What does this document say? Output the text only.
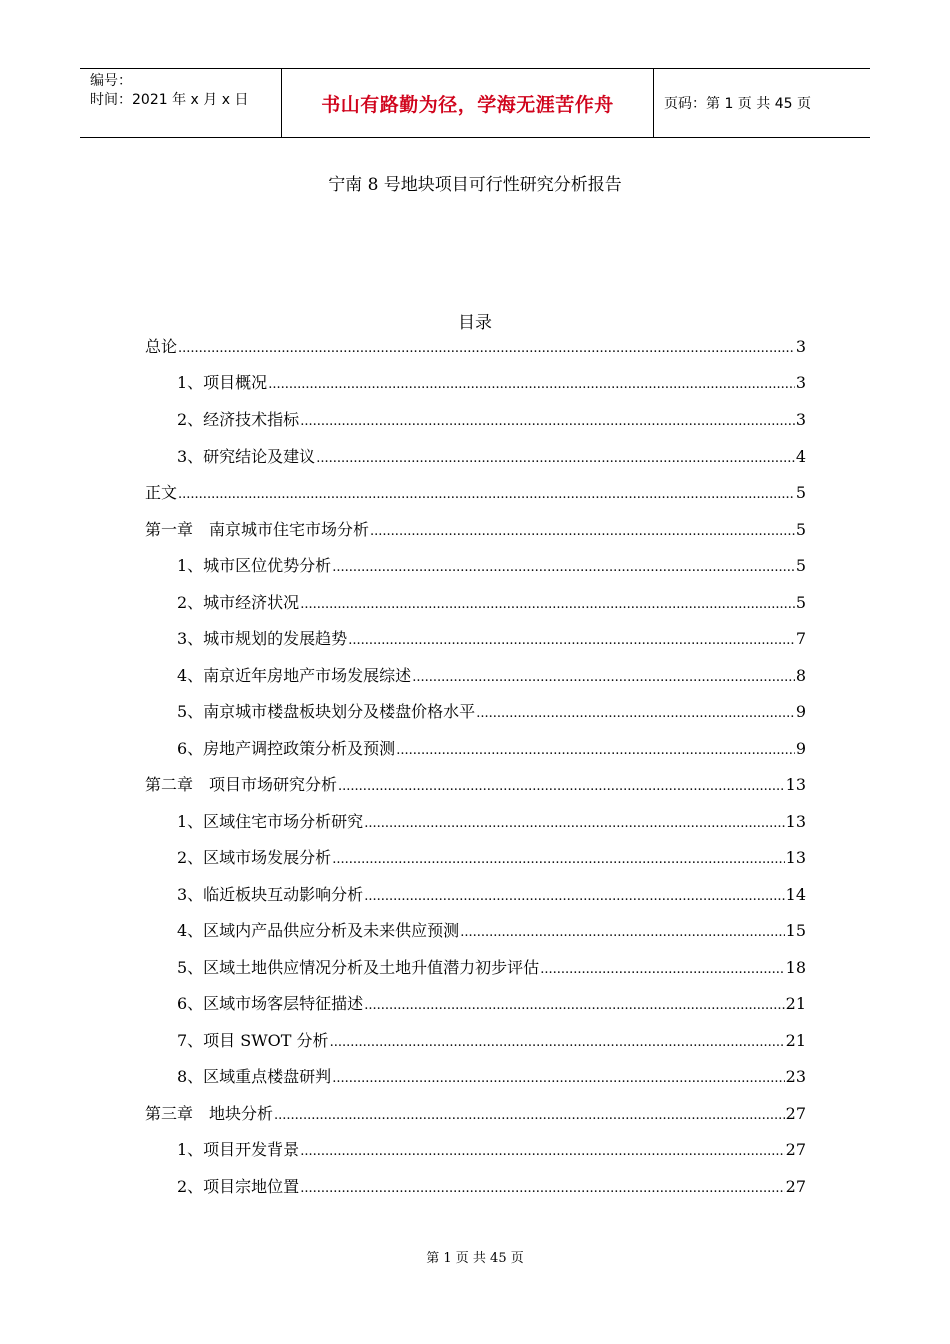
编号：
时间：2021 年 x 月 x 日	书山有路勤为径，学海无涯苦作舟	页码：第 1 页 共 45 页
宁南 8 号地块项目可行性研究分析报告
目录
总论 .....	3
1、项目概况 .....	3
2、经济技术指标 .....	3
3、研究结论及建议 .....	4
正文 .....	5
第一章　南京城市住宅市场分析 .....	5
1、城市区位优势分析 .....	5
2、城市经济状况 .....	5
3、城市规划的发展趋势 .....	7
4、南京近年房地产市场发展综述 .....	8
5、南京城市楼盘板块划分及楼盘价格水平 .....	9
6、房地产调控政策分析及预测 .....	9
第二章　项目市场研究分析 .....	13
1、区域住宅市场分析研究 .....	13
2、区域市场发展分析 .....	13
3、临近板块互动影响分析 .....	14
4、区域内产品供应分析及未来供应预测 .....	15
5、区域土地供应情况分析及土地升值潜力初步评估 .....	18
6、区域市场客层特征描述 .....	21
7、项目 SWOT 分析 .....	21
8、区域重点楼盘研判 .....	23
第三章　地块分析 .....	27
1、项目开发背景 .....	27
2、项目宗地位置 .....	27
第 1 页 共 45 页
